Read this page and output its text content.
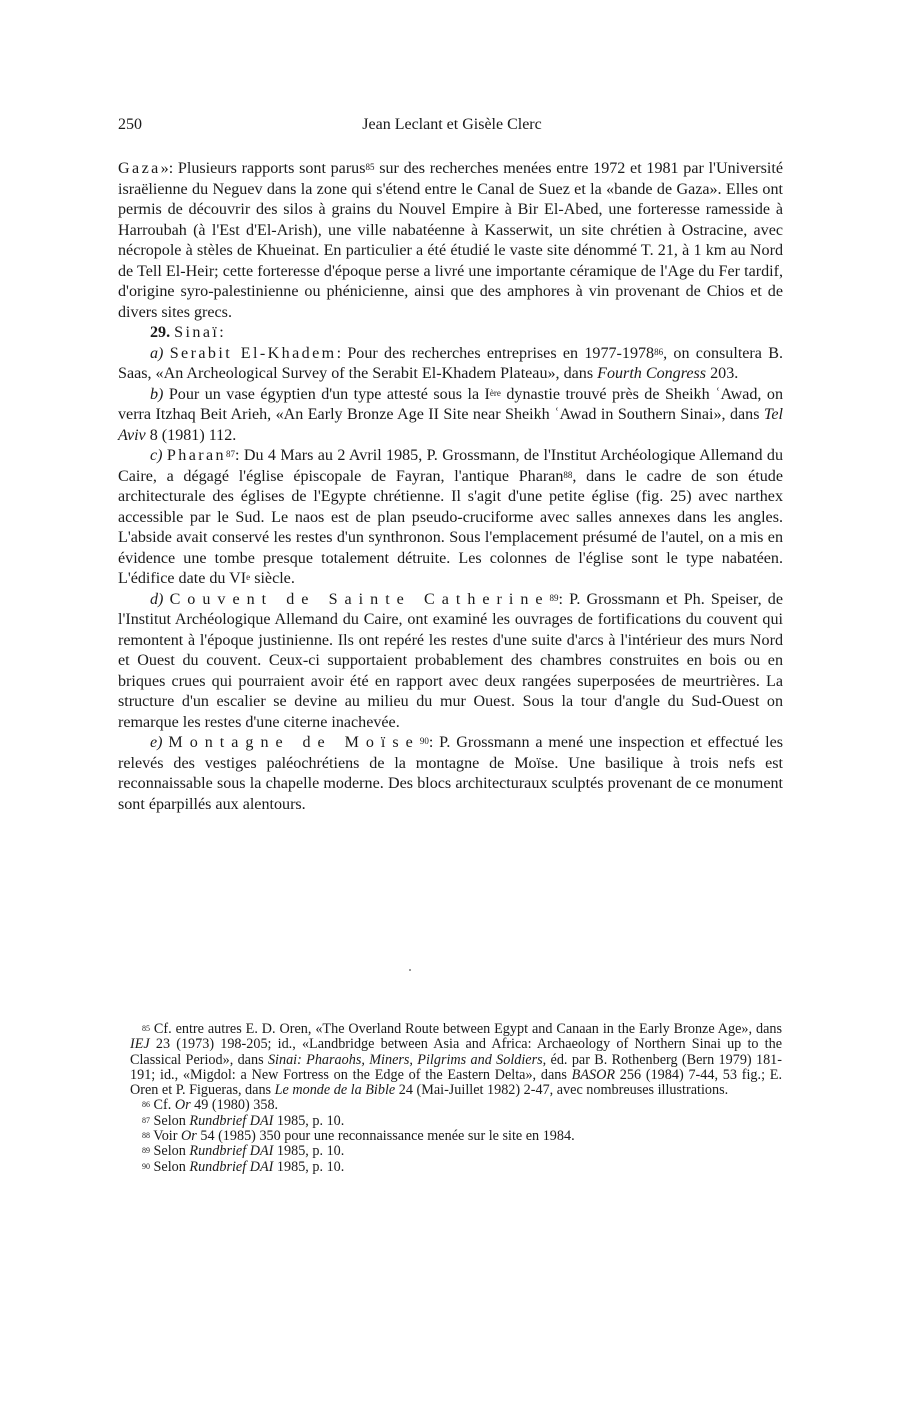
250	Jean Leclant et Gisèle Clerc

Gaza»: Plusieurs rapports sont parus$^{85}$ sur des recherches menées entre 1972 et 1981 par l'Université israëlienne du Neguev dans la zone qui s'étend entre le Canal de Suez et la «bande de Gaza». Elles ont permis de découvrir des silos à grains du Nouvel Empire à Bir El-Abed, une forteresse ramesside à Harroubah (à l'Est d'El-Arish), une ville nabatéenne à Kasserwit, un site chrétien à Ostracine, avec nécropole à stèles de Khueinat. En particulier a été étudié le vaste site dénommé T. 21, à 1 km au Nord de Tell El-Heir; cette forteresse d'époque perse a livré une importante céramique de l'Age du Fer tardif, d'origine syro-palestinienne ou phénicienne, ainsi que des amphores à vin provenant de Chios et de divers sites grecs.

29. Sinaï:

a) Serabit El-Khadem: Pour des recherches entreprises en 1977-1978$^{86}$, on consultera B. Saas, «An Archeological Survey of the Serabit El-Khadem Plateau», dans Fourth Congress 203.

b) Pour un vase égyptien d'un type attesté sous la Ière dynastie trouvé près de Sheikh ʿAwad, on verra Itzhaq Beit Arieh, «An Early Bronze Age II Site near Sheikh ʿAwad in Southern Sinai», dans Tel Aviv 8 (1981) 112.

c) Pharan$^{87}$: Du 4 Mars au 2 Avril 1985, P. Grossmann, de l'Institut Archéologique Allemand du Caire, a dégagé l'église épiscopale de Fayran, l'antique Pharan$^{88}$, dans le cadre de son étude architecturale des églises de l'Egypte chrétienne. Il s'agit d'une petite église (fig. 25) avec narthex accessible par le Sud. Le naos est de plan pseudo-cruciforme avec salles annexes dans les angles. L'abside avait conservé les restes d'un synthronon. Sous l'emplacement présumé de l'autel, on a mis en évidence une tombe presque totalement détruite. Les colonnes de l'église sont le type nabatéen. L'édifice date du VIe siècle.

d) Couvent de Sainte Catherine$^{89}$: P. Grossmann et Ph. Speiser, de l'Institut Archéologique Allemand du Caire, ont examiné les ouvrages de fortifications du couvent qui remontent à l'époque justinienne. Ils ont repéré les restes d'une suite d'arcs à l'intérieur des murs Nord et Ouest du couvent. Ceux-ci supportaient probablement des chambres construites en bois ou en briques crues qui pourraient avoir été en rapport avec deux rangées superposées de meurtrières. La structure d'un escalier se devine au milieu du mur Ouest. Sous la tour d'angle du Sud-Ouest on remarque les restes d'une citerne inachevée.

e) Montagne de Moïse$^{90}$: P. Grossmann a mené une inspection et effectué les relevés des vestiges paléochrétiens de la montagne de Moïse. Une basilique à trois nefs est reconnaissable sous la chapelle moderne. Des blocs architecturaux sculptés provenant de ce monument sont éparpillés aux alentours.

$^{85}$ Cf. entre autres E. D. Oren, «The Overland Route between Egypt and Canaan in the Early Bronze Age», dans IEJ 23 (1973) 198-205; id., «Landbridge between Asia and Africa: Archaeology of Northern Sinai up to the Classical Period», dans Sinai: Pharaohs, Miners, Pilgrims and Soldiers, éd. par B. Rothenberg (Bern 1979) 181-191; id., «Migdol: a New Fortress on the Edge of the Eastern Delta», dans BASOR 256 (1984) 7-44, 53 fig.; E. Oren et P. Figueras, dans Le monde de la Bible 24 (Mai-Juillet 1982) 2-47, avec nombreuses illustrations.

$^{86}$ Cf. Or 49 (1980) 358.

$^{87}$ Selon Rundbrief DAI 1985, p. 10.

$^{88}$ Voir Or 54 (1985) 350 pour une reconnaissance menée sur le site en 1984.

$^{89}$ Selon Rundbrief DAI 1985, p. 10.

$^{90}$ Selon Rundbrief DAI 1985, p. 10.
